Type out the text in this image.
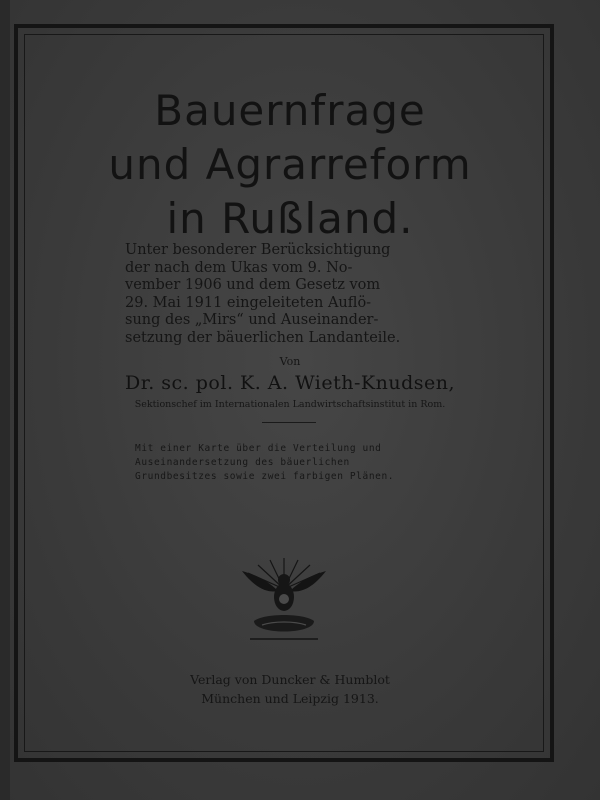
Bauernfrage
und Agrarreform
in Rußland.
Unter besonderer Berücksichtigung
der nach dem Ukas vom 9. No-
vember 1906 und dem Gesetz vom
29. Mai 1911 eingeleiteten Auflö-
sung des „Mirs“ und Auseinander-
setzung der bäuerlichen Landanteile.
Von
Dr. sc. pol. K. A. Wieth-Knudsen,
Sektionschef im Internationalen Landwirtschaftsinstitut in Rom.
Mit einer Karte über die Verteilung und
Auseinandersetzung des bäuerlichen
Grundbesitzes sowie zwei farbigen Plänen.
Verlag von Duncker & Humblot
München und Leipzig 1913.
